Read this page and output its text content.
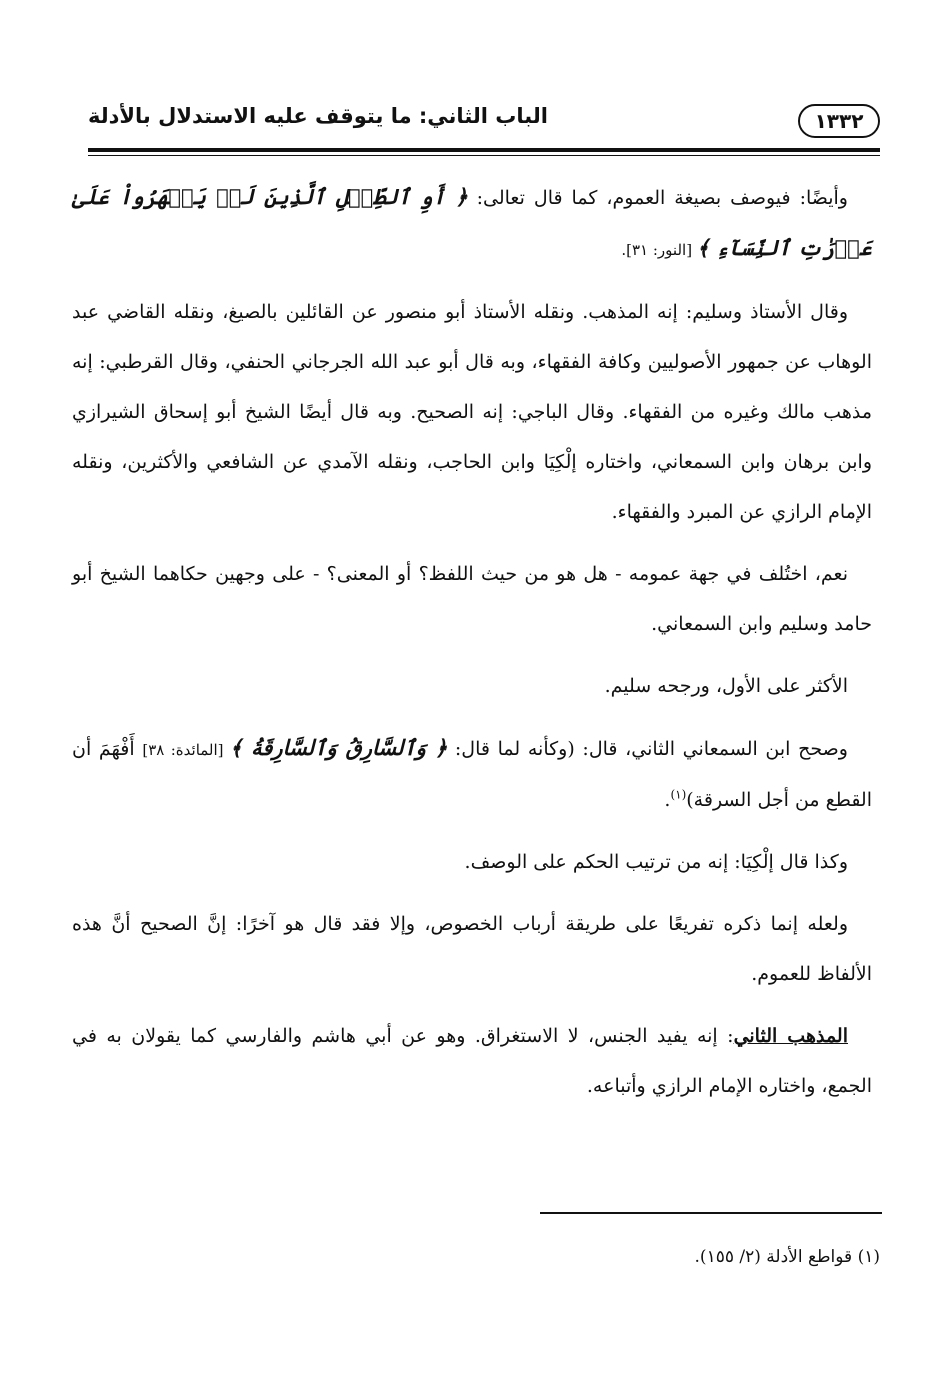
١٣٣٢
الباب الثاني: ما يتوقف عليه الاستدلال بالأدلة

وأيضًا: فيوصف بصيغة العموم، كما قال تعالى: ﴿ أَوِ ٱلطِّفۡلِ ٱلَّذِينَ لَمۡ يَظۡهَرُواْ عَلَىٰ عَوۡرَٰتِ ٱلنِّسَآءِ ﴾ [النور: ٣١].

وقال الأستاذ وسليم: إنه المذهب. ونقله الأستاذ أبو منصور عن القائلين بالصيغ، ونقله القاضي عبد الوهاب عن جمهور الأصوليين وكافة الفقهاء، وبه قال أبو عبد الله الجرجاني الحنفي، وقال القرطبي: إنه مذهب مالك وغيره من الفقهاء. وقال الباجي: إنه الصحيح. وبه قال أيضًا الشيخ أبو إسحاق الشيرازي وابن برهان وابن السمعاني، واختاره إلْكِيَا وابن الحاجب، ونقله الآمدي عن الشافعي والأكثرين، ونقله الإمام الرازي عن المبرد والفقهاء.

نعم، اختُلف في جهة عمومه - هل هو من حيث اللفظ؟ أو المعنى؟ - على وجهين حكاهما الشيخ أبو حامد وسليم وابن السمعاني.

الأكثر على الأول، ورجحه سليم.

وصحح ابن السمعاني الثاني، قال: (وكأنه لما قال: ﴿ وَٱلسَّارِقُ وَٱلسَّارِقَةُ ﴾ [المائدة: ٣٨] أَفْهَمَ أن القطع من أجل السرقة)$^{(١)}$.

وكذا قال إلْكِيَا: إنه من ترتيب الحكم على الوصف.

ولعله إنما ذكره تفريعًا على طريقة أرباب الخصوص، وإلا فقد قال هو آخرًا: إنَّ الصحيح أنَّ هذه الألفاظ للعموم.

المذهب الثاني: إنه يفيد الجنس، لا الاستغراق. وهو عن أبي هاشم والفارسي كما يقولان به في الجمع، واختاره الإمام الرازي وأتباعه.

(١) قواطع الأدلة (٢/ ١٥٥).
